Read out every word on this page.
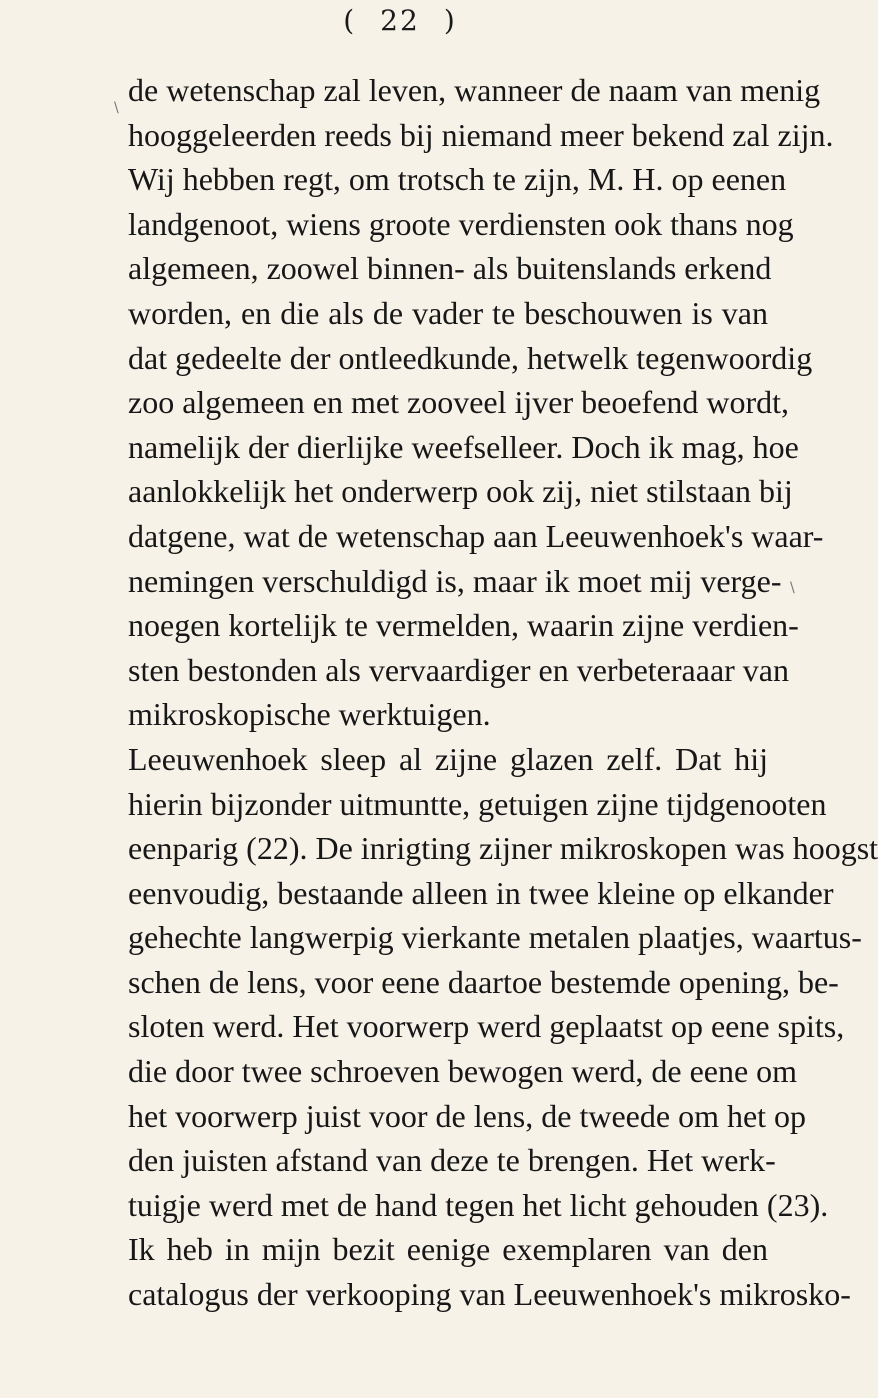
( 22 )
\
\
de wetenschap zal leven, wanneer de naam van menig
hooggeleerden reeds bij niemand meer bekend zal zijn.
Wij hebben regt, om trotsch te zijn, M. H. op eenen
landgenoot, wiens groote verdiensten ook thans nog
algemeen, zoowel binnen- als buitenslands erkend
worden, en die als de vader te beschouwen is van
dat gedeelte der ontleedkunde, hetwelk tegenwoordig
zoo algemeen en met zooveel ijver beoefend wordt,
namelijk der dierlijke weefselleer. Doch ik mag, hoe
aanlokkelijk het onderwerp ook zij, niet stilstaan bij
datgene, wat de wetenschap aan Leeuwenhoek's waar-
nemingen verschuldigd is, maar ik moet mij verge-
noegen kortelijk te vermelden, waarin zijne verdien-
sten bestonden als vervaardiger en verbeteraaar van
mikroskopische werktuigen.
Leeuwenhoek sleep al zijne glazen zelf. Dat hij
hierin bijzonder uitmuntte, getuigen zijne tijdgenooten
eenparig (22). De inrigting zijner mikroskopen was hoogst
eenvoudig, bestaande alleen in twee kleine op elkander
gehechte langwerpig vierkante metalen plaatjes, waartus-
schen de lens, voor eene daartoe bestemde opening, be-
sloten werd. Het voorwerp werd geplaatst op eene spits,
die door twee schroeven bewogen werd, de eene om
het voorwerp juist voor de lens, de tweede om het op
den juisten afstand van deze te brengen. Het werk-
tuigje werd met de hand tegen het licht gehouden (23).
Ik heb in mijn bezit eenige exemplaren van den
catalogus der verkooping van Leeuwenhoek's mikrosko-
